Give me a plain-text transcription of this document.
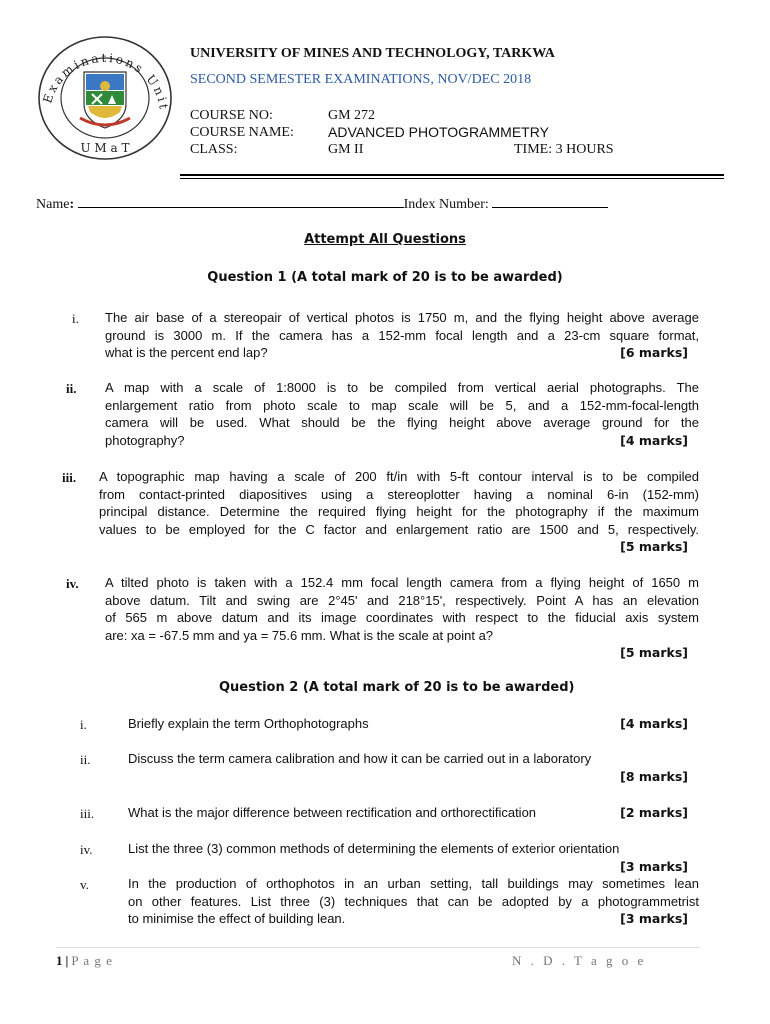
Examinations Unit
U M a T
UNIVERSITY OF MINES AND TECHNOLOGY, TARKWA
SECOND SEMESTER EXAMINATIONS, NOV/DEC 2018
COURSE NO:	GM 272
COURSE NAME: ADVANCED PHOTOGRAMMETRY
CLASS:	GM II	TIME: 3 HOURS
Name:	Index Number:
Attempt All Questions
Question 1 (A total mark of 20 is to be awarded)
i. The air base of a stereopair of vertical photos is 1750 m, and the flying height above average
ground is 3000 m. If the camera has a 152-mm focal length and a 23-cm square format,
what is the percent end lap?	[6 marks]
ii. A map with a scale of 1:8000 is to be compiled from vertical aerial photographs. The
enlargement ratio from photo scale to map scale will be 5, and a 152-mm-focal-length
camera will be used. What should be the flying height above average ground for the
photography?	[4 marks]
iii. A topographic map having a scale of 200 ft/in with 5-ft contour interval is to be compiled
from contact-printed diapositives using a stereoplotter having a nominal 6-in (152-mm)
principal distance. Determine the required flying height for the photography if the maximum
values to be employed for the C factor and enlargement ratio are 1500 and 5, respectively.
[5 marks]
iv. A tilted photo is taken with a 152.4 mm focal length camera from a flying height of 1650 m
above datum. Tilt and swing are 2°45' and 218°15', respectively. Point A has an elevation
of 565 m above datum and its image coordinates with respect to the fiducial axis system
are: xa = -67.5 mm and ya = 75.6 mm. What is the scale at point a?
[5 marks]
Question 2 (A total mark of 20 is to be awarded)
i.	Briefly explain the term Orthophotographs	[4 marks]
ii.	Discuss the term camera calibration and how it can be carried out in a laboratory
[8 marks]
iii.	What is the major difference between rectification and orthorectification	[2 marks]
iv.	List the three (3) common methods of determining the elements of exterior orientation
[3 marks]
v.	In the production of orthophotos in an urban setting, tall buildings may sometimes lean
on other features. List three (3) techniques that can be adopted by a photogrammetrist
to minimise the effect of building lean.	[3 marks]
1 | P a g e	N . D . T a g o e
